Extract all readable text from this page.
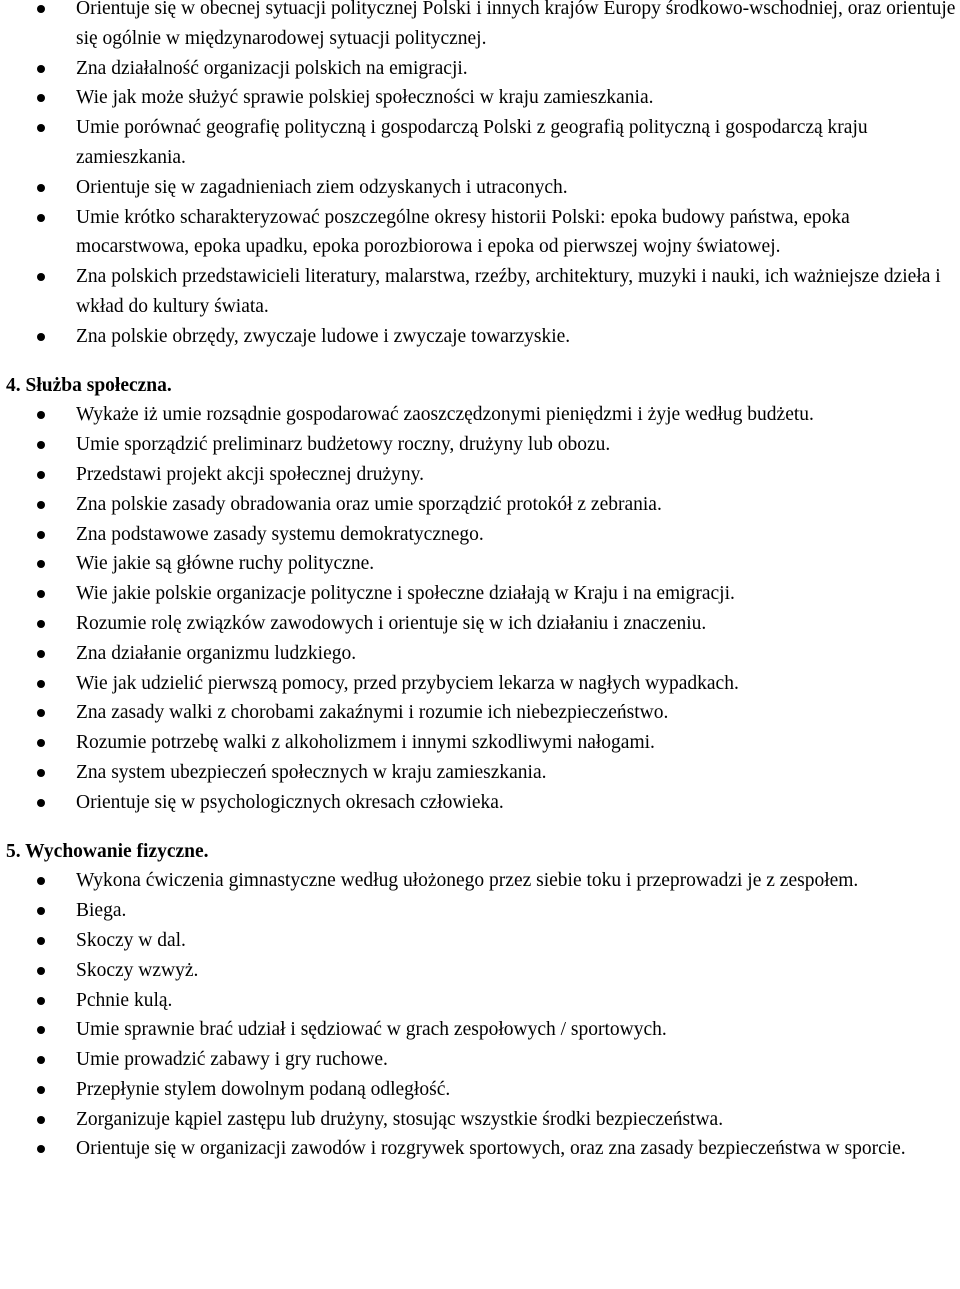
Orientuje się w obecnej sytuacji politycznej Polski i innych krajów Europy środkowo-wschodniej, oraz orientuje się ogólnie w międzynarodowej sytuacji politycznej.
Zna działalność organizacji polskich na emigracji.
Wie jak może służyć sprawie polskiej społeczności w kraju zamieszkania.
Umie porównać geografię polityczną i gospodarczą Polski z geografią polityczną i gospodarczą kraju zamieszkania.
Orientuje się w zagadnieniach ziem odzyskanych i utraconych.
Umie krótko scharakteryzować poszczególne okresy historii Polski: epoka budowy państwa, epoka mocarstwowa, epoka upadku, epoka porozbiorowa i epoka od pierwszej wojny światowej.
Zna polskich przedstawicieli literatury, malarstwa, rzeźby, architektury, muzyki i nauki, ich ważniejsze dzieła i wkład do kultury świata.
Zna polskie obrzędy, zwyczaje ludowe i zwyczaje towarzyskie.
4. Służba społeczna.
Wykaże iż umie rozsądnie gospodarować zaoszczędzonymi pieniędzmi i żyje według budżetu.
Umie sporządzić preliminarz budżetowy roczny, drużyny lub obozu.
Przedstawi projekt akcji społecznej drużyny.
Zna polskie zasady obradowania oraz umie sporządzić protokół z zebrania.
Zna podstawowe zasady systemu demokratycznego.
Wie jakie są główne ruchy polityczne.
Wie jakie polskie organizacje polityczne i społeczne działają w Kraju i na emigracji.
Rozumie rolę związków zawodowych i orientuje się w ich działaniu i znaczeniu.
Zna działanie organizmu ludzkiego.
Wie jak udzielić pierwszą pomocy, przed przybyciem lekarza w nagłych wypadkach.
Zna zasady walki z chorobami zakaźnymi i rozumie ich niebezpieczeństwo.
Rozumie potrzebę walki z alkoholizmem i innymi szkodliwymi nałogami.
Zna system ubezpieczeń społecznych w kraju zamieszkania.
Orientuje się w psychologicznych okresach człowieka.
5. Wychowanie fizyczne.
Wykona ćwiczenia gimnastyczne według ułożonego przez siebie toku i przeprowadzi je z zespołem.
Biega.
Skoczy w dal.
Skoczy wzwyż.
Pchnie kulą.
Umie sprawnie brać udział i sędziować w grach zespołowych / sportowych.
Umie prowadzić zabawy i gry ruchowe.
Przepłynie stylem dowolnym podaną odległość.
Zorganizuje kąpiel zastępu lub drużyny, stosując wszystkie środki bezpieczeństwa.
Orientuje się w organizacji zawodów i rozgrywek sportowych, oraz zna zasady bezpieczeństwa w sporcie.
